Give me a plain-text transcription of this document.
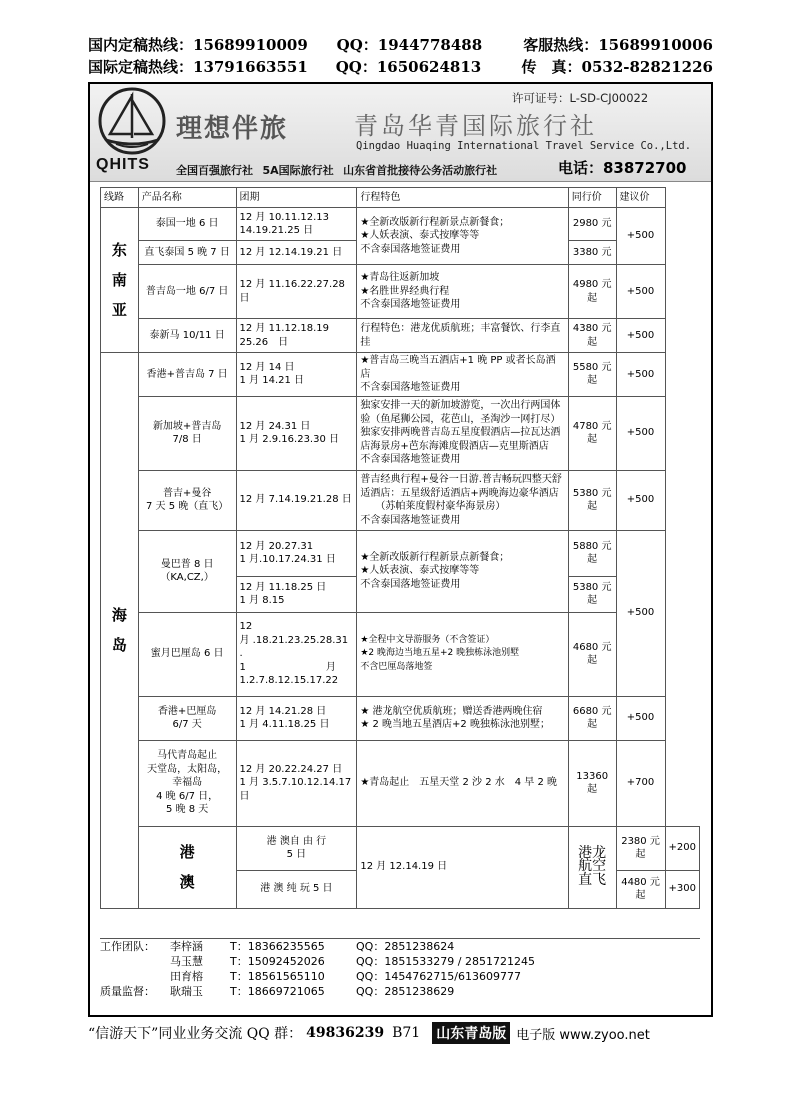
国内定稿热线：15689910009	QQ：1944778488	客服热线：15689910006
国际定稿热线：13791663551	QQ：1650624813	传　真：0532-82821226
QHITS
许可证号：L-SD-CJ00022
理想伴旅	青岛华青国际旅行社
Qingdao Huaqing International Travel Service Co.,Ltd.
全国百强旅行社 5A国际旅行社 山东省首批接待公务活动旅行社	电话：83872700
线路	产品名称	团期	行程特色	同行价	建议价	
东
南
亚	泰国一地 6 日	12 月 10.11.12.13
14.19.21.25 日	★全新改版新行程新景点新餐食；
★人妖表演、泰式按摩等等
不含泰国落地签证费用	2980 元	+500	
	直飞泰国 5 晚 7 日	12 月 12.14.19.21 日		3380 元		
	普吉岛一地 6/7 日	12 月 11.16.22.27.28
日	★青岛往返新加坡
★名胜世界经典行程
不含泰国落地签证费用	4980 元
起	+500	
	泰新马 10/11 日	12 月 11.12.18.19
25.26　日	行程特色：港龙优质航班；丰富餐饮、行李直挂	4380 元
起	+500	
海
岛	香港+普吉岛 7 日	12 月 14 日
1 月 14.21 日	★普吉岛三晚当五酒店+1 晚 PP 或者长岛酒店
不含泰国落地签证费用	5580 元
起	+500	
	新加坡+普吉岛
7/8 日	12 月 24.31 日
1 月 2.9.16.23.30 日	独家安排一天的新加坡游览，一次出行两国体验（鱼尾狮公园，花芭山，圣淘沙一网打尽）独家安排两晚普吉岛五星度假酒店—拉瓦达酒店海景房+芭东海滩度假酒店—克里斯酒店
不含泰国落地签证费用	4780 元
起	+500	
	普吉+曼谷
7 天 5 晚（直飞）	12 月 7.14.19.21.28 日	普吉经典行程+曼谷一日游.普吉畅玩四整天舒适酒店：五星级舒适酒店+两晚海边豪华酒店
　　（苏帕莱度假村豪华海景房）
不含泰国落地签证费用	5380 元
起	+500	
	曼巴普 8 日
（KA,CZ,）	12 月 20.27.31
1 月.10.17.24.31 日	★全新改版新行程新景点新餐食；
★人妖表演、泰式按摩等等
不含泰国落地签证费用	5880 元
起	+500	
		12 月 11.18.25 日
1 月 8.15		5380 元
起		
	蜜月巴厘岛 6 日	12
月 .18.21.23.25.28.31
.
1　　　　　　　　月
1.2.7.8.12.15.17.22	★全程中文导游服务（不含签证）
★2 晚海边当地五星+2 晚独栋泳池别墅
不含巴厘岛落地签	4680 元
起		
	香港+巴厘岛
6/7 天	12 月 14.21.28 日
1 月 4.11.18.25 日	★ 港龙航空优质航班；赠送香港两晚住宿
★ 2 晚当地五星酒店+2 晚独栋泳池别墅；	6680 元
起	+500	
	马代青岛起止
天堂岛，太阳岛，
幸福岛
4 晚 6/7 日，
5 晚 8 天	12 月 20.22.24.27 日
1 月 3.5.7.10.12.14.17
日	★青岛起止　五星天堂 2 沙 2 水　4 早 2 晚	13360
起	+700	
	港
澳	港 澳自 由 行
5 日	12 月 12.14.19 日	港龙航空直飞	2380 元
起	+200
		港 澳 纯 玩 5 日			4480 元
起	+300
工作团队：	李梓涵	T：18366235565	QQ：2851238624
马玉慧	T：15092452026	QQ：1851533279 / 2851721245
田育榕	T：18561565110	QQ：1454762715/613609777
质量监督：	耿瑞玉	T：18669721065	QQ：2851238629
“信游天下”同业业务交流 QQ 群： 49836239 B71 山东青岛版 电子版 www.zyoo.net
